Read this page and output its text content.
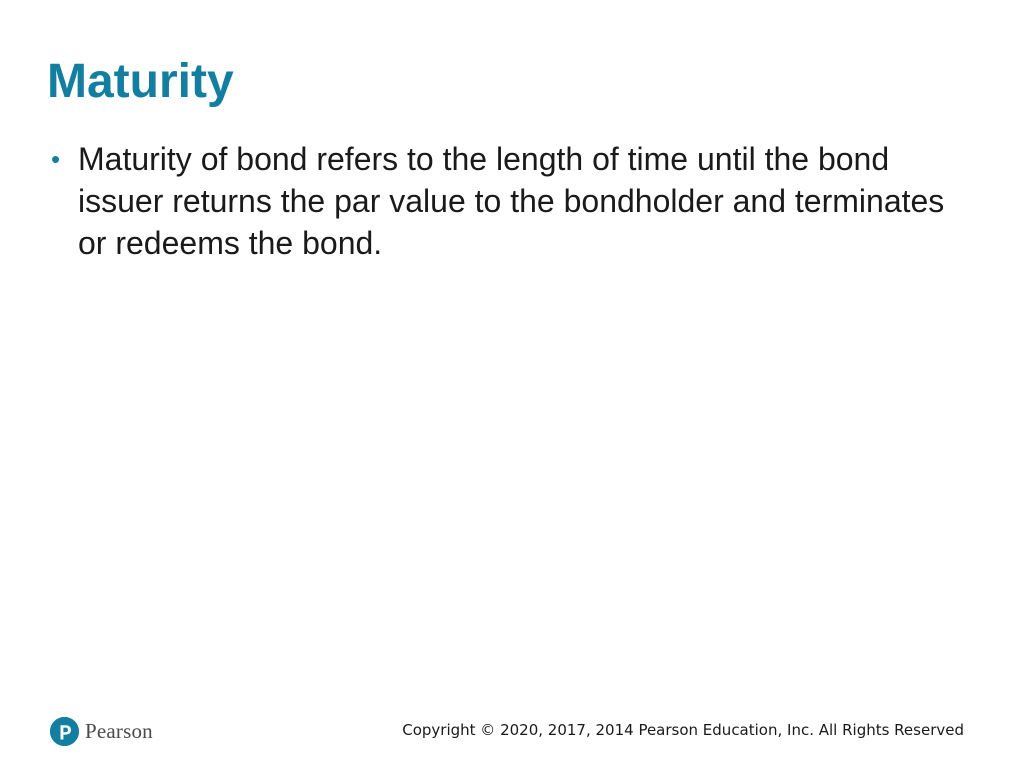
Maturity
• Maturity of bond refers to the length of time until the bond issuer returns the par value to the bondholder and terminates or redeems the bond.
Pearson	Copyright © 2020, 2017, 2014 Pearson Education, Inc. All Rights Reserved
